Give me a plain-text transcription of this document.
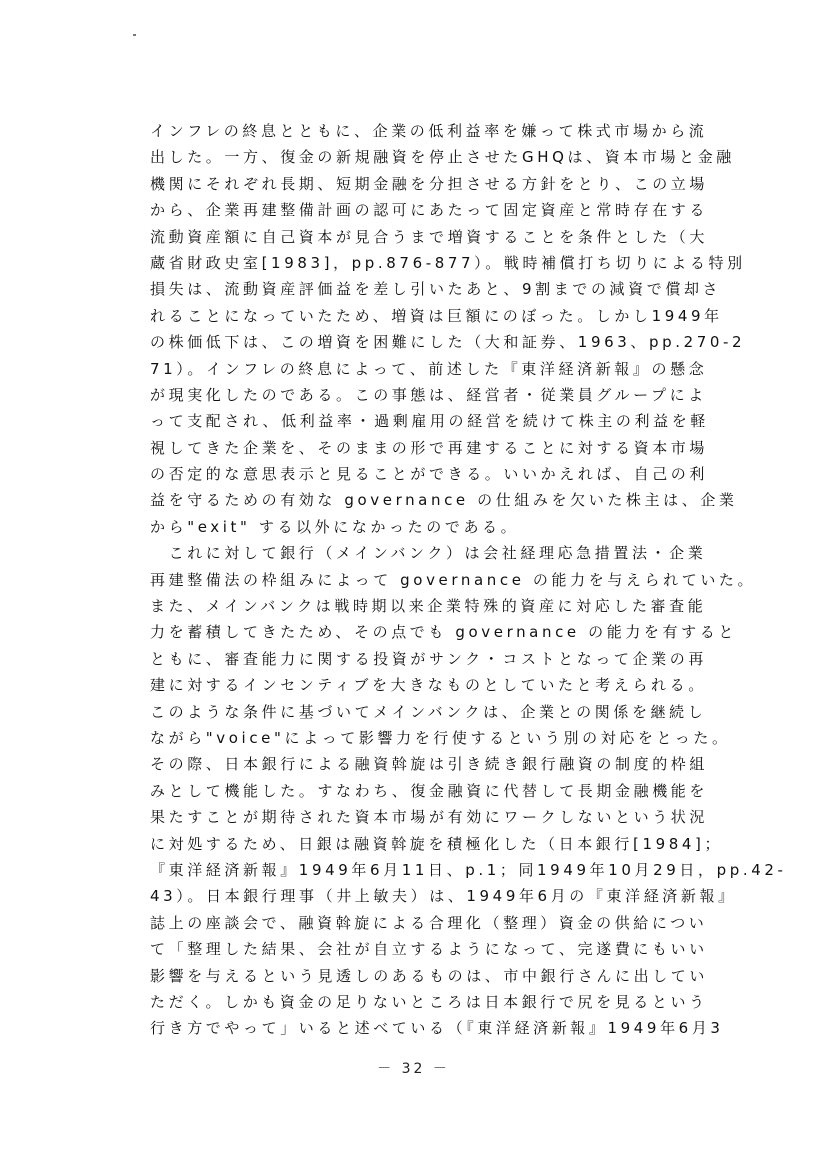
インフレの終息とともに、企業の低利益率を嫌って株式市場から流
出した。一方、復金の新規融資を停止させたGHQは、資本市場と金融
機関にそれぞれ長期、短期金融を分担させる方針をとり、この立場
から、企業再建整備計画の認可にあたって固定資産と常時存在する
流動資産額に自己資本が見合うまで増資することを条件とした（大
蔵省財政史室[1983]，pp.876-877）。戦時補償打ち切りによる特別
損失は、流動資産評価益を差し引いたあと、9割までの減資で償却さ
れることになっていたため、増資は巨額にのぼった。しかし1949年
の株価低下は、この増資を困難にした（大和証券、1963、pp.270-2
71）。インフレの終息によって、前述した『東洋経済新報』の懸念
が現実化したのである。この事態は、経営者・従業員グループによ
って支配され、低利益率・過剰雇用の経営を続けて株主の利益を軽
視してきた企業を、そのままの形で再建することに対する資本市場
の否定的な意思表示と見ることができる。いいかえれば、自己の利
益を守るための有効な governance の仕組みを欠いた株主は、企業
から"exit" する以外になかったのである。
　これに対して銀行（メインバンク）は会社経理応急措置法・企業
再建整備法の枠組みによって governance の能力を与えられていた。
また、メインバンクは戦時期以来企業特殊的資産に対応した審査能
力を蓄積してきたため、その点でも governance の能力を有すると
ともに、審査能力に関する投資がサンク・コストとなって企業の再
建に対するインセンティブを大きなものとしていたと考えられる。
このような条件に基づいてメインバンクは、企業との関係を継続し
ながら"voice"によって影響力を行使するという別の対応をとった。
その際、日本銀行による融資斡旋は引き続き銀行融資の制度的枠組
みとして機能した。すなわち、復金融資に代替して長期金融機能を
果たすことが期待された資本市場が有効にワークしないという状況
に対処するため、日銀は融資斡旋を積極化した（日本銀行[1984]；
『東洋経済新報』1949年6月11日、p.1；同1949年10月29日，pp.42-
43）。日本銀行理事（井上敏夫）は、1949年6月の『東洋経済新報』
誌上の座談会で、融資斡旋による合理化（整理）資金の供給につい
て「整理した結果、会社が自立するようになって、完遂費にもいい
影響を与えるという見透しのあるものは、市中銀行さんに出してい
ただく。しかも資金の足りないところは日本銀行で尻を見るという
行き方でやって」いると述べている（『東洋経済新報』1949年6月3
－ 32 －
